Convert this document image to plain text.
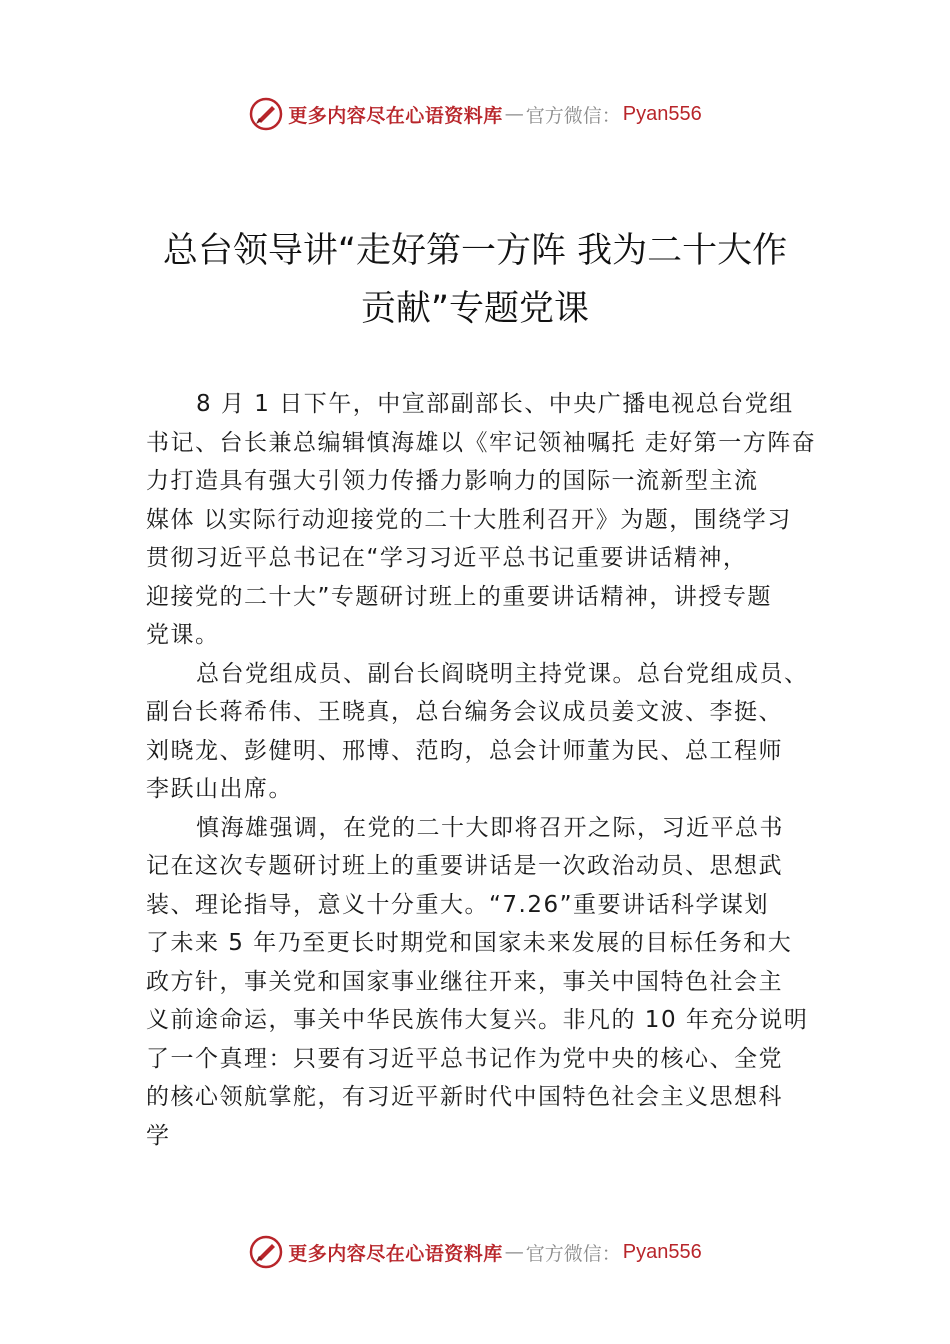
更多内容尽在心语资料库 — 官方微信： Pyan556
总台领导讲“走好第一方阵 我为二十大作
贡献”专题党课

8 月 1 日下午，中宣部副部长、中央广播电视总台党组
书记、台长兼总编辑慎海雄以《牢记领袖嘱托 走好第一方阵奋
力打造具有强大引领力传播力影响力的国际一流新型主流
媒体 以实际行动迎接党的二十大胜利召开》为题，围绕学习
贯彻习近平总书记在“学习习近平总书记重要讲话精神，
迎接党的二十大”专题研讨班上的重要讲话精神，讲授专题
党课。

总台党组成员、副台长阎晓明主持党课。总台党组成员、
副台长蒋希伟、王晓真，总台编务会议成员姜文波、李挺、
刘晓龙、彭健明、邢博、范昀，总会计师董为民、总工程师
李跃山出席。

慎海雄强调，在党的二十大即将召开之际，习近平总书
记在这次专题研讨班上的重要讲话是一次政治动员、思想武
装、理论指导，意义十分重大。“7.26”重要讲话科学谋划
了未来 5 年乃至更长时期党和国家未来发展的目标任务和大
政方针，事关党和国家事业继往开来，事关中国特色社会主
义前途命运，事关中华民族伟大复兴。非凡的 10 年充分说明
了一个真理：只要有习近平总书记作为党中央的核心、全党
的核心领航掌舵，有习近平新时代中国特色社会主义思想科
学

更多内容尽在心语资料库 — 官方微信： Pyan556
